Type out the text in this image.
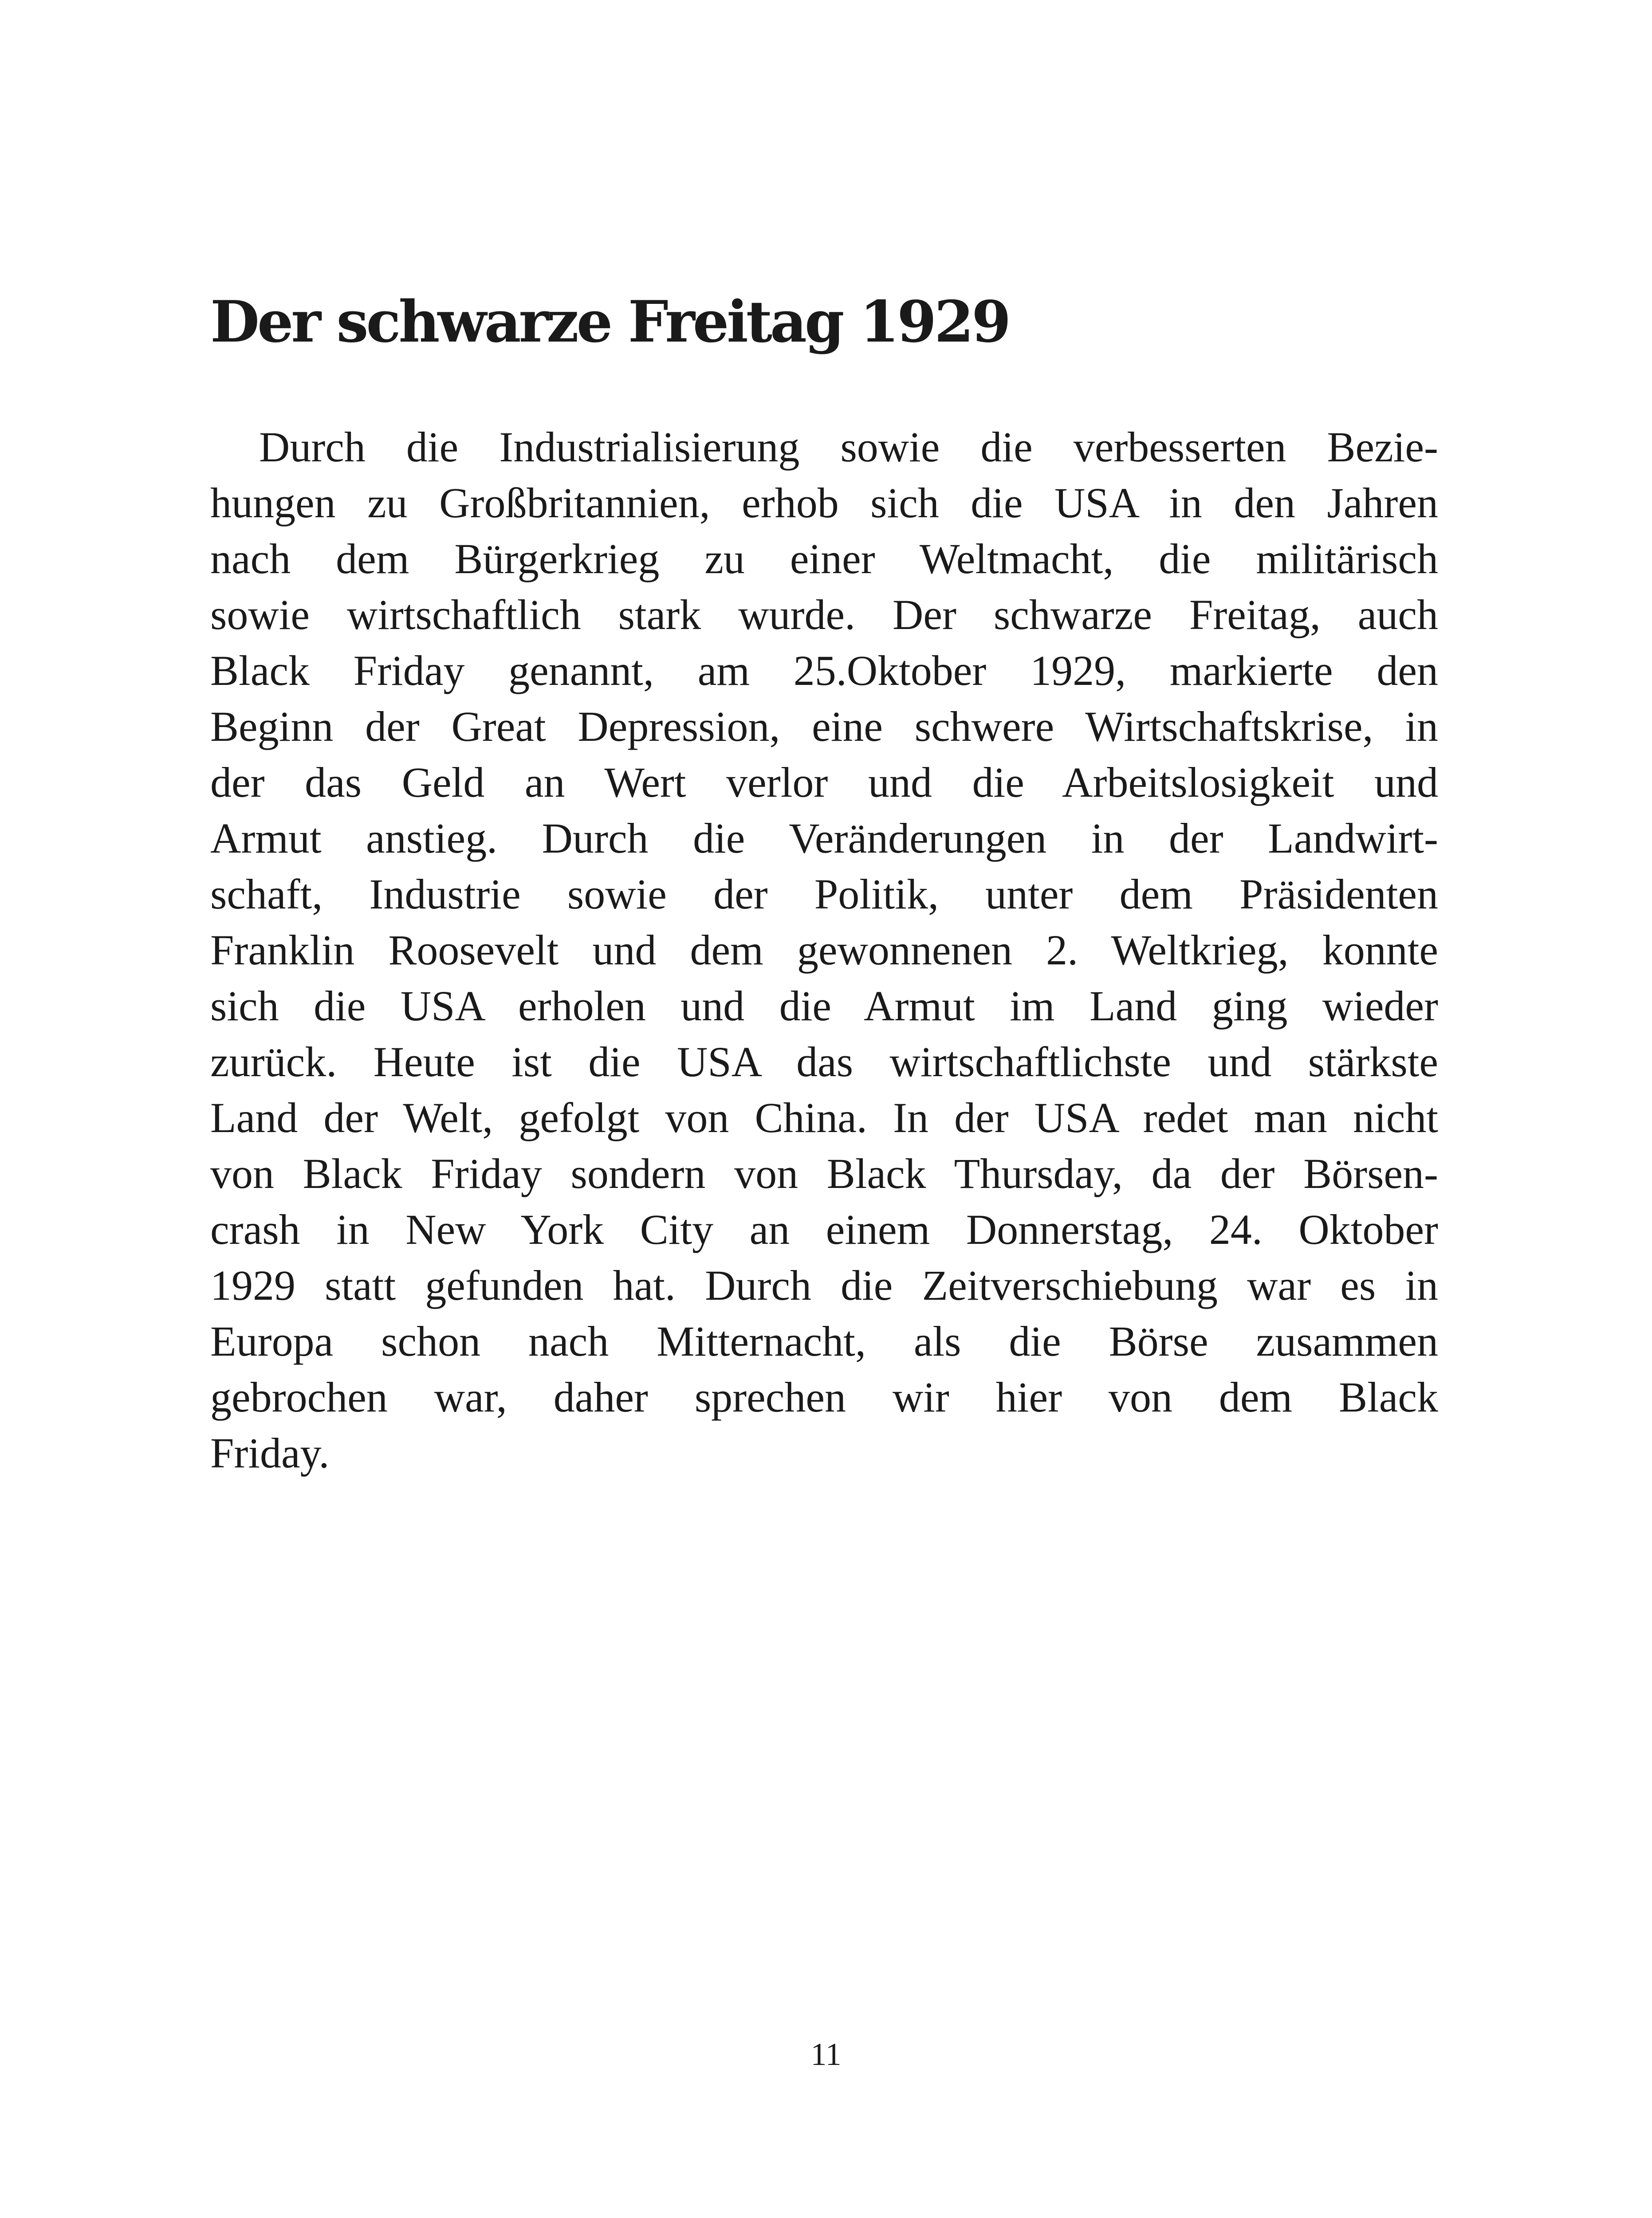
Der schwarze Freitag 1929
Durch die Industrialisierung sowie die verbesserten Bezie-
hungen zu Großbritannien, erhob sich die USA in den Jahren
nach dem Bürgerkrieg zu einer Weltmacht, die militärisch
sowie wirtschaftlich stark wurde. Der schwarze Freitag, auch
Black Friday genannt, am 25.Oktober 1929, markierte den
Beginn der Great Depression, eine schwere Wirtschaftskrise, in
der das Geld an Wert verlor und die Arbeitslosigkeit und
Armut anstieg. Durch die Veränderungen in der Landwirt-
schaft, Industrie sowie der Politik, unter dem Präsidenten
Franklin Roosevelt und dem gewonnenen 2. Weltkrieg, konnte
sich die USA erholen und die Armut im Land ging wieder
zurück. Heute ist die USA das wirtschaftlichste und stärkste
Land der Welt, gefolgt von China. In der USA redet man nicht
von Black Friday sondern von Black Thursday, da der Börsen-
crash in New York City an einem Donnerstag, 24. Oktober
1929 statt gefunden hat. Durch die Zeitverschiebung war es in
Europa schon nach Mitternacht, als die Börse zusammen
gebrochen war, daher sprechen wir hier von dem Black
Friday.
11
